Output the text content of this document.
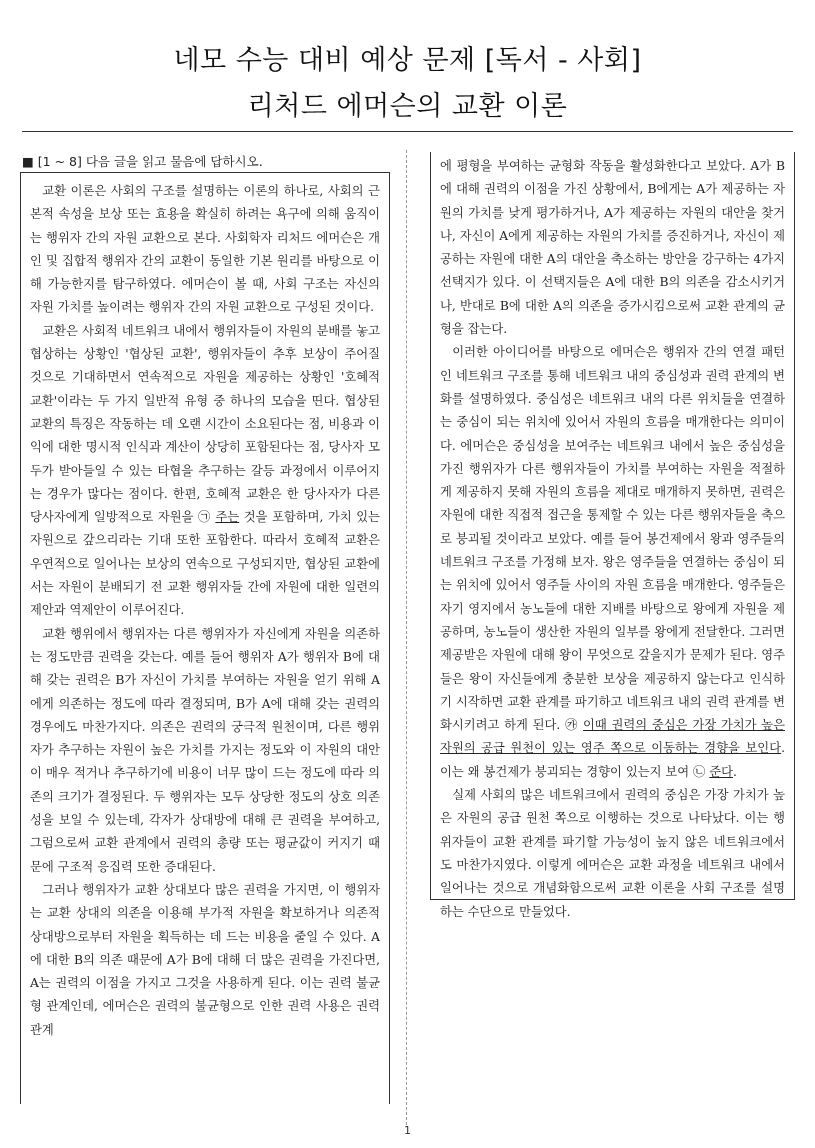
네모 수능 대비 예상 문제 [독서 - 사회]
리처드 에머슨의 교환 이론
■ [1 ~ 8] 다음 글을 읽고 물음에 답하시오.

교환 이론은 사회의 구조를 설명하는 이론의 하나로, 사회의 근본적 속성을 보상 또는 효용을 확실히 하려는 욕구에 의해 움직이는 행위자 간의 자원 교환으로 본다. 사회학자 리처드 에머슨은 개인 및 집합적 행위자 간의 교환이 동일한 기본 원리를 바탕으로 이해 가능한지를 탐구하였다. 에머슨이 볼 때, 사회 구조는 자신의 자원 가치를 높이려는 행위자 간의 자원 교환으로 구성된 것이다.

교환은 사회적 네트워크 내에서 행위자들이 자원의 분배를 놓고 협상하는 상황인 '협상된 교환', 행위자들이 추후 보상이 주어질 것으로 기대하면서 연속적으로 자원을 제공하는 상황인 '호혜적 교환'이라는 두 가지 일반적 유형 중 하나의 모습을 띤다. 협상된 교환의 특징은 작동하는 데 오랜 시간이 소요된다는 점, 비용과 이익에 대한 명시적 인식과 계산이 상당히 포함된다는 점, 당사자 모두가 받아들일 수 있는 타협을 추구하는 갈등 과정에서 이루어지는 경우가 많다는 점이다. 한편, 호혜적 교환은 한 당사자가 다른 당사자에게 일방적으로 자원을 ㉠ 주는 것을 포함하며, 가치 있는 자원으로 갚으리라는 기대 또한 포함한다. 따라서 호혜적 교환은 우연적으로 일어나는 보상의 연속으로 구성되지만, 협상된 교환에서는 자원이 분배되기 전 교환 행위자들 간에 자원에 대한 일련의 제안과 역제안이 이루어진다.

교환 행위에서 행위자는 다른 행위자가 자신에게 자원을 의존하는 정도만큼 권력을 갖는다. 예를 들어 행위자 A가 행위자 B에 대해 갖는 권력은 B가 자신이 가치를 부여하는 자원을 얻기 위해 A에게 의존하는 정도에 따라 결정되며, B가 A에 대해 갖는 권력의 경우에도 마찬가지다. 의존은 권력의 궁극적 원천이며, 다른 행위자가 추구하는 자원이 높은 가치를 가지는 정도와 이 자원의 대안이 매우 적거나 추구하기에 비용이 너무 많이 드는 정도에 따라 의존의 크기가 결정된다. 두 행위자는 모두 상당한 정도의 상호 의존성을 보일 수 있는데, 각자가 상대방에 대해 큰 권력을 부여하고, 그럼으로써 교환 관계에서 권력의 총량 또는 평균값이 커지기 때문에 구조적 응집력 또한 증대된다.

그러나 행위자가 교환 상대보다 많은 권력을 가지면, 이 행위자는 교환 상대의 의존을 이용해 부가적 자원을 확보하거나 의존적 상대방으로부터 자원을 획득하는 데 드는 비용을 줄일 수 있다. A에 대한 B의 의존 때문에 A가 B에 대해 더 많은 권력을 가진다면, A는 권력의 이점을 가지고 그것을 사용하게 된다. 이는 권력 불균형 관계인데, 에머슨은 권력의 불균형으로 인한 권력 사용은 권력 관계

에 평형을 부여하는 균형화 작동을 활성화한다고 보았다. A가 B에 대해 권력의 이점을 가진 상황에서, B에게는 A가 제공하는 자원의 가치를 낮게 평가하거나, A가 제공하는 자원의 대안을 찾거나, 자신이 A에게 제공하는 자원의 가치를 증진하거나, 자신이 제공하는 자원에 대한 A의 대안을 축소하는 방안을 강구하는 4가지 선택지가 있다. 이 선택지들은 A에 대한 B의 의존을 감소시키거나, 반대로 B에 대한 A의 의존을 증가시킴으로써 교환 관계의 균형을 잡는다.

이러한 아이디어를 바탕으로 에머슨은 행위자 간의 연결 패턴인 네트워크 구조를 통해 네트워크 내의 중심성과 권력 관계의 변화를 설명하였다. 중심성은 네트워크 내의 다른 위치들을 연결하는 중심이 되는 위치에 있어서 자원의 흐름을 매개한다는 의미이다. 에머슨은 중심성을 보여주는 네트워크 내에서 높은 중심성을 가진 행위자가 다른 행위자들이 가치를 부여하는 자원을 적절하게 제공하지 못해 자원의 흐름을 제대로 매개하지 못하면, 권력은 자원에 대한 직접적 접근을 통제할 수 있는 다른 행위자들을 축으로 붕괴될 것이라고 보았다. 예를 들어 봉건제에서 왕과 영주들의 네트워크 구조를 가정해 보자. 왕은 영주들을 연결하는 중심이 되는 위치에 있어서 영주들 사이의 자원 흐름을 매개한다. 영주들은 자기 영지에서 농노들에 대한 지배를 바탕으로 왕에게 자원을 제공하며, 농노들이 생산한 자원의 일부를 왕에게 전달한다. 그러면 제공받은 자원에 대해 왕이 무엇으로 갚을지가 문제가 된다. 영주들은 왕이 자신들에게 충분한 보상을 제공하지 않는다고 인식하기 시작하면 교환 관계를 파기하고 네트워크 내의 권력 관계를 변화시키려고 하게 된다. ㉮ 이때 권력의 중심은 가장 가치가 높은 자원의 공급 원천이 있는 영주 쪽으로 이동하는 경향을 보인다. 이는 왜 봉건제가 붕괴되는 경향이 있는지 보여 ㉡ 준다.

실제 사회의 많은 네트워크에서 권력의 중심은 가장 가치가 높은 자원의 공급 원천 쪽으로 이행하는 것으로 나타났다. 이는 행위자들이 교환 관계를 파기할 가능성이 높지 않은 네트워크에서도 마찬가지였다. 이렇게 에머슨은 교환 과정을 네트워크 내에서 일어나는 것으로 개념화함으로써 교환 이론을 사회 구조를 설명하는 수단으로 만들었다.

1
